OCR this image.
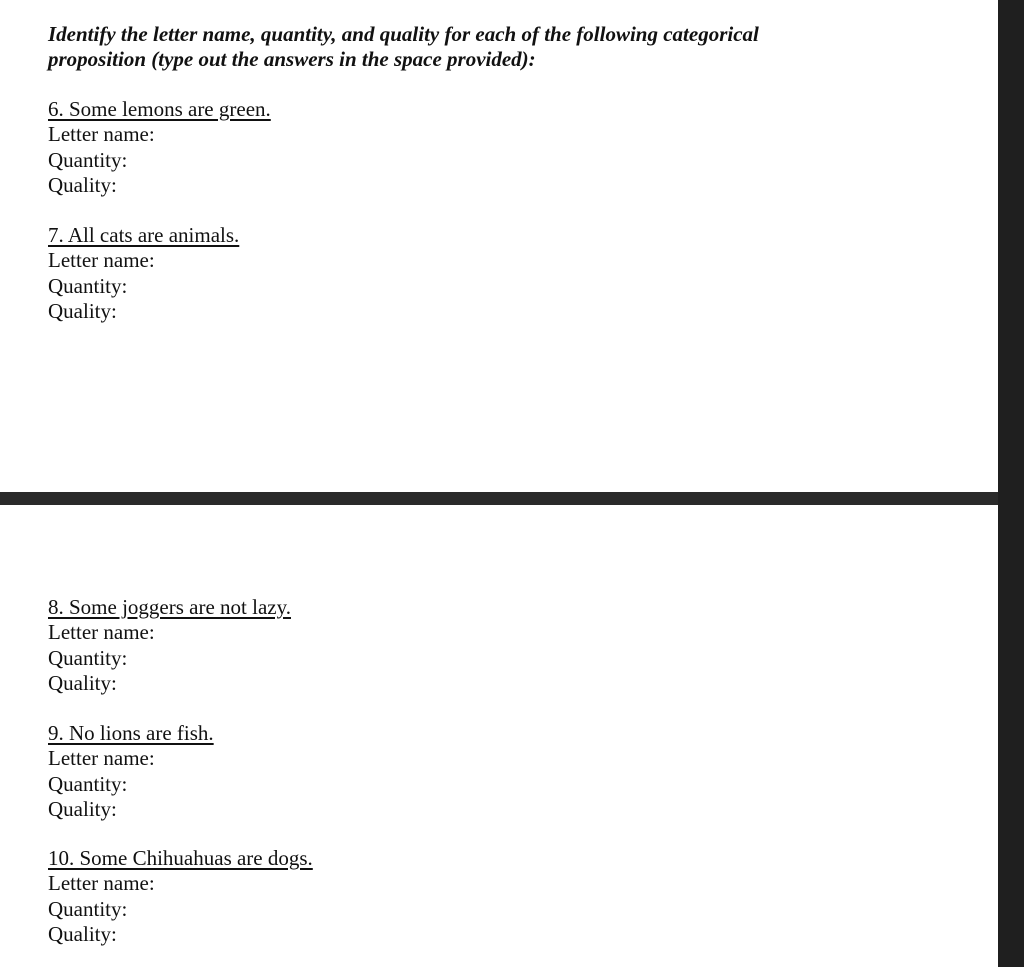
Identify the letter name, quantity, and quality for each of the following categorical proposition (type out the answers in the space provided):

6. Some lemons are green.
Letter name:
Quantity:
Quality:
7. All cats are animals.
Letter name:
Quantity:
Quality:
8. Some joggers are not lazy.
Letter name:
Quantity:
Quality:
9. No lions are fish.
Letter name:
Quantity:
Quality:
10. Some Chihuahuas are dogs.
Letter name:
Quantity:
Quality:
